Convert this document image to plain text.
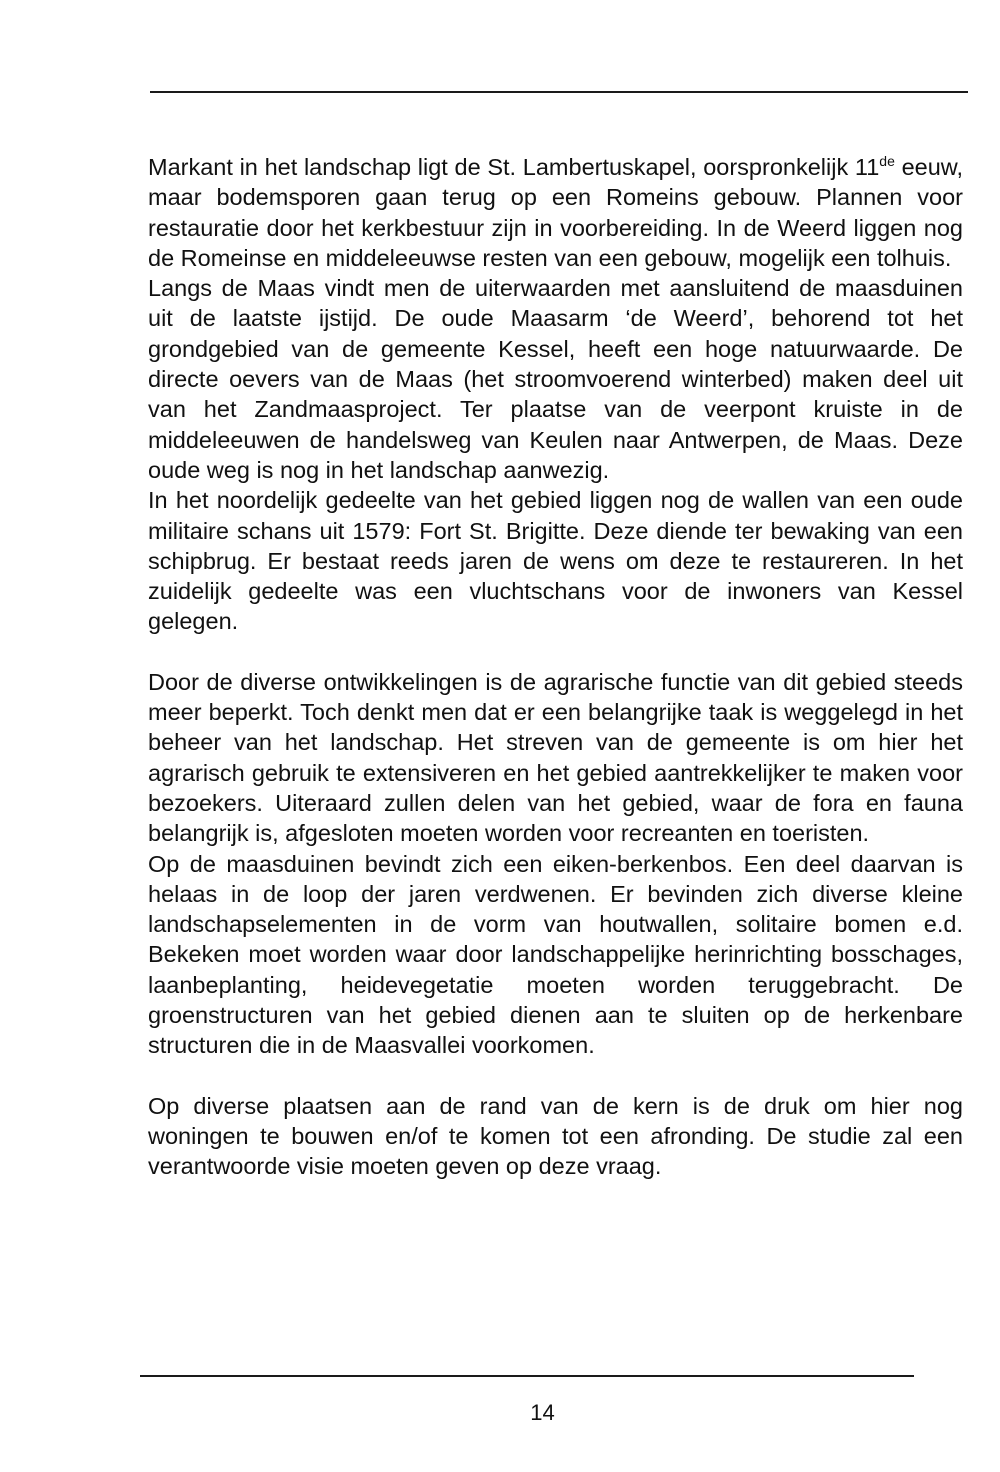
Markant in het landschap ligt de St. Lambertuskapel, oorspronkelijk 11de eeuw, maar bodemsporen gaan terug op een Romeins gebouw. Plannen voor restauratie door het kerkbestuur zijn in voorbereiding. In de Weerd liggen nog de Romeinse en middeleeuwse resten van een gebouw, mogelijk een tolhuis.

Langs de Maas vindt men de uiterwaarden met aansluitend de maasduinen uit de laatste ijstijd. De oude Maasarm ‘de Weerd’, behorend tot het grondgebied van de gemeente Kessel, heeft een hoge natuurwaarde. De directe oevers van de Maas (het stroomvoerend winterbed) maken deel uit van het Zandmaasproject. Ter plaatse van de veerpont kruiste in de middeleeuwen de handelsweg van Keulen naar Antwerpen, de Maas. Deze oude weg is nog in het landschap aanwezig.

In het noordelijk gedeelte van het gebied liggen nog de wallen van een oude militaire schans uit 1579: Fort St. Brigitte. Deze diende ter bewaking van een schipbrug. Er bestaat reeds jaren de wens om deze te restaureren. In het zuidelijk gedeelte was een vluchtschans voor de inwoners van Kessel gelegen.

Door de diverse ontwikkelingen is de agrarische functie van dit gebied steeds meer beperkt. Toch denkt men dat er een belangrijke taak is weggelegd in het beheer van het landschap. Het streven van de gemeente is om hier het agrarisch gebruik te extensiveren en het gebied aantrekkelijker te maken voor bezoekers. Uiteraard zullen delen van het gebied, waar de fora en fauna belangrijk is, afgesloten moeten worden voor recreanten en toeristen.

Op de maasduinen bevindt zich een eiken-berkenbos. Een deel daarvan is helaas in de loop der jaren verdwenen. Er bevinden zich diverse kleine landschapselementen in de vorm van houtwallen, solitaire bomen e.d. Bekeken moet worden waar door landschappelijke herinrichting bosschages, laanbeplanting, heidevegetatie moeten worden teruggebracht. De groenstructuren van het gebied dienen aan te sluiten op de herkenbare structuren die in de Maasvallei voorkomen.

Op diverse plaatsen aan de rand van de kern is de druk om hier nog woningen te bouwen en/of te komen tot een afronding. De studie zal een verantwoorde visie moeten geven op deze vraag.

14
